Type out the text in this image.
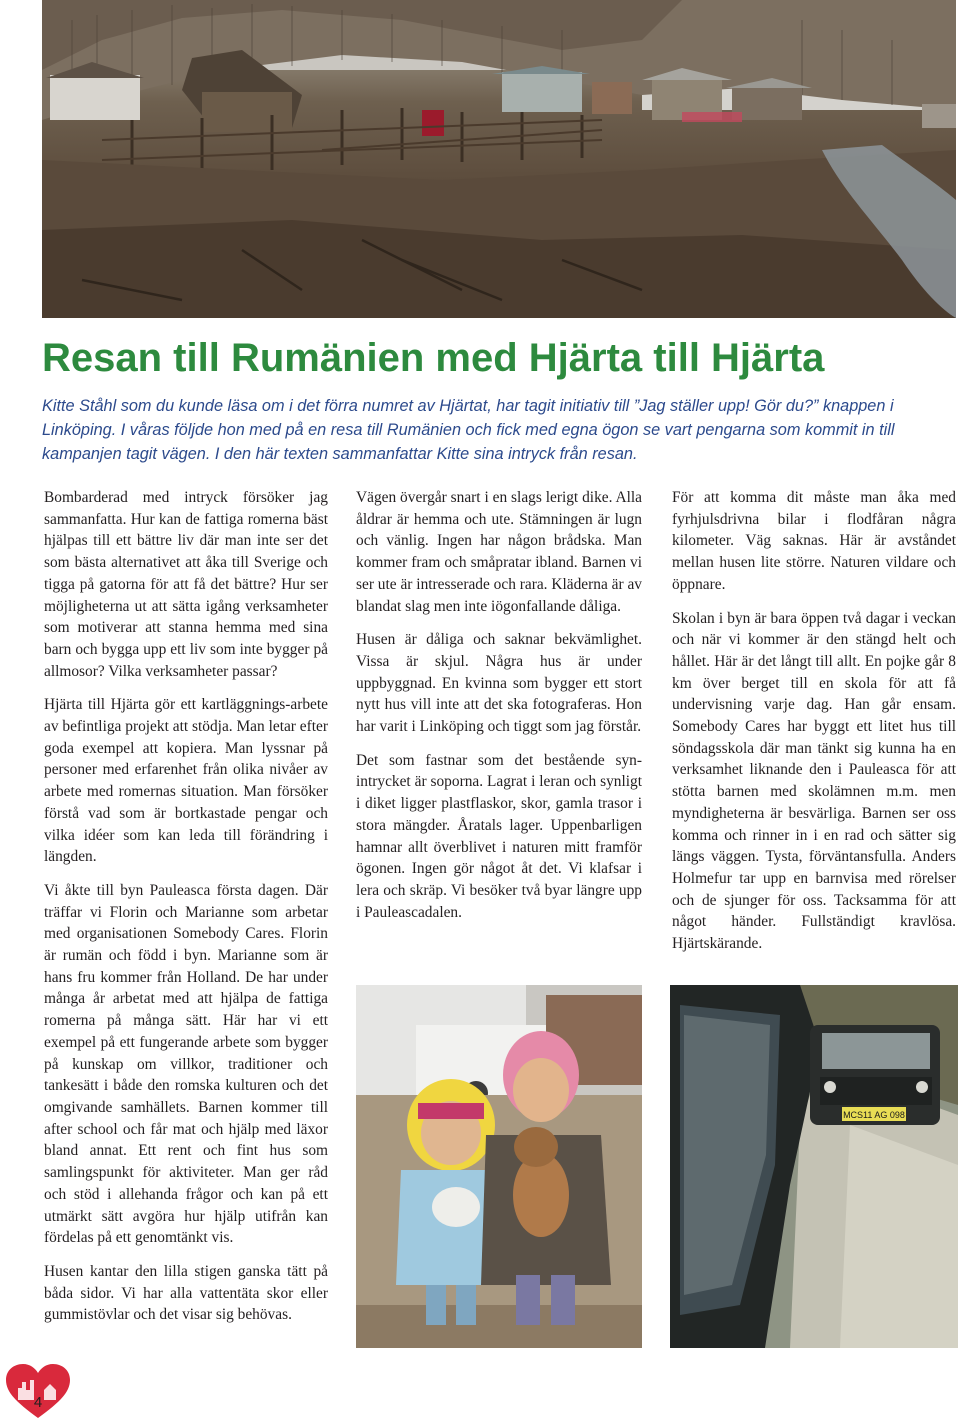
Resan till Rumänien med Hjärta till Hjärta

Kitte Ståhl som du kunde läsa om i det förra numret av Hjärtat, har tagit initiativ till ”Jag ställer upp! Gör du?” knappen i Linköping. I våras följde hon med på en resa till Rumänien och fick med egna ögon se vart pengarna som kommit in till kampanjen tagit vägen. I den här texten sammanfattar Kitte sina intryck från resan.

Bombarderad med intryck försöker jag sammanfatta. Hur kan de fattiga romerna bäst hjälpas till ett bättre liv där man inte ser det som bästa alternativet att åka till Sverige och tigga på gatorna för att få det bättre? Hur ser möjligheterna ut att sätta igång verksamheter som motiverar att stanna hemma med sina barn och bygga upp ett liv som inte bygger på allmosor? Vilka verksamheter passar?

Hjärta till Hjärta gör ett kartläggnings-arbete av befintliga projekt att stödja. Man letar efter goda exempel att kopiera. Man lyssnar på personer med erfarenhet från olika nivåer av arbete med romernas situation. Man försöker förstå vad som är bortkastade pengar och vilka idéer som kan leda till förändring i längden.

Vi åkte till byn Pauleasca första dagen. Där träffar vi Florin och Marianne som arbetar med organisationen Somebody Cares. Florin är rumän och född i byn. Marianne som är hans fru kommer från Holland. De har under många år arbetat med att hjälpa de fattiga romerna på många sätt. Här har vi ett exempel på ett fungerande arbete som bygger på kunskap om villkor, traditioner och tankesätt i både den romska kulturen och det omgivande samhällets. Barnen kommer till after school och får mat och hjälp med läxor bland annat. Ett rent och fint hus som samlingspunkt för aktiviteter. Man ger råd och stöd i allehanda frågor och kan på ett utmärkt sätt avgöra hur hjälp utifrån kan fördelas på ett genomtänkt vis.

Husen kantar den lilla stigen ganska tätt på båda sidor. Vi har alla vattentäta skor eller gummistövlar och det visar sig behövas.

Vägen övergår snart i en slags lerigt dike. Alla åldrar är hemma och ute. Stämningen är lugn och vänlig. Ingen har någon brådska. Man kommer fram och småpratar ibland. Barnen vi ser ute är intresserade och rara. Kläderna är av blandat slag men inte iögonfallande dåliga.

Husen är dåliga och saknar bekvämlighet. Vissa är skjul. Några hus är under uppbyggnad. En kvinna som bygger ett stort nytt hus vill inte att det ska fotograferas. Hon har varit i Linköping och tiggt som jag förstår.

Det som fastnar som det bestående syn-intrycket är soporna. Lagrat i leran och synligt i diket ligger plastflaskor, skor, gamla trasor i stora mängder. Åratals lager. Uppenbarligen hamnar allt överblivet i naturen mitt framför ögonen. Ingen gör något åt det. Vi klafsar i lera och skräp. Vi besöker två byar längre upp i Pauleascadalen.

För att komma dit måste man åka med fyrhjulsdrivna bilar i flodfåran några kilometer. Väg saknas. Här är avståndet mellan husen lite större. Naturen vildare och öppnare.

Skolan i byn är bara öppen två dagar i veckan och när vi kommer är den stängd helt och hållet. Här är det långt till allt. En pojke går 8 km över berget till en skola för att få undervisning varje dag. Han går ensam. Somebody Cares har byggt ett litet hus till söndagsskola där man tänkt sig kunna ha en verksamhet liknande den i Pauleasca för att stötta barnen med skolämnen m.m. men myndigheterna är besvärliga. Barnen ser oss komma och rinner in i en rad och sätter sig längs väggen. Tysta, förväntansfulla. Anders Holmefur tar upp en barnvisa med rörelser och de sjunger för oss. Tacksamma för att något händer. Fullständigt kravlösa. Hjärtskärande.

MCS11 AG 098
4
